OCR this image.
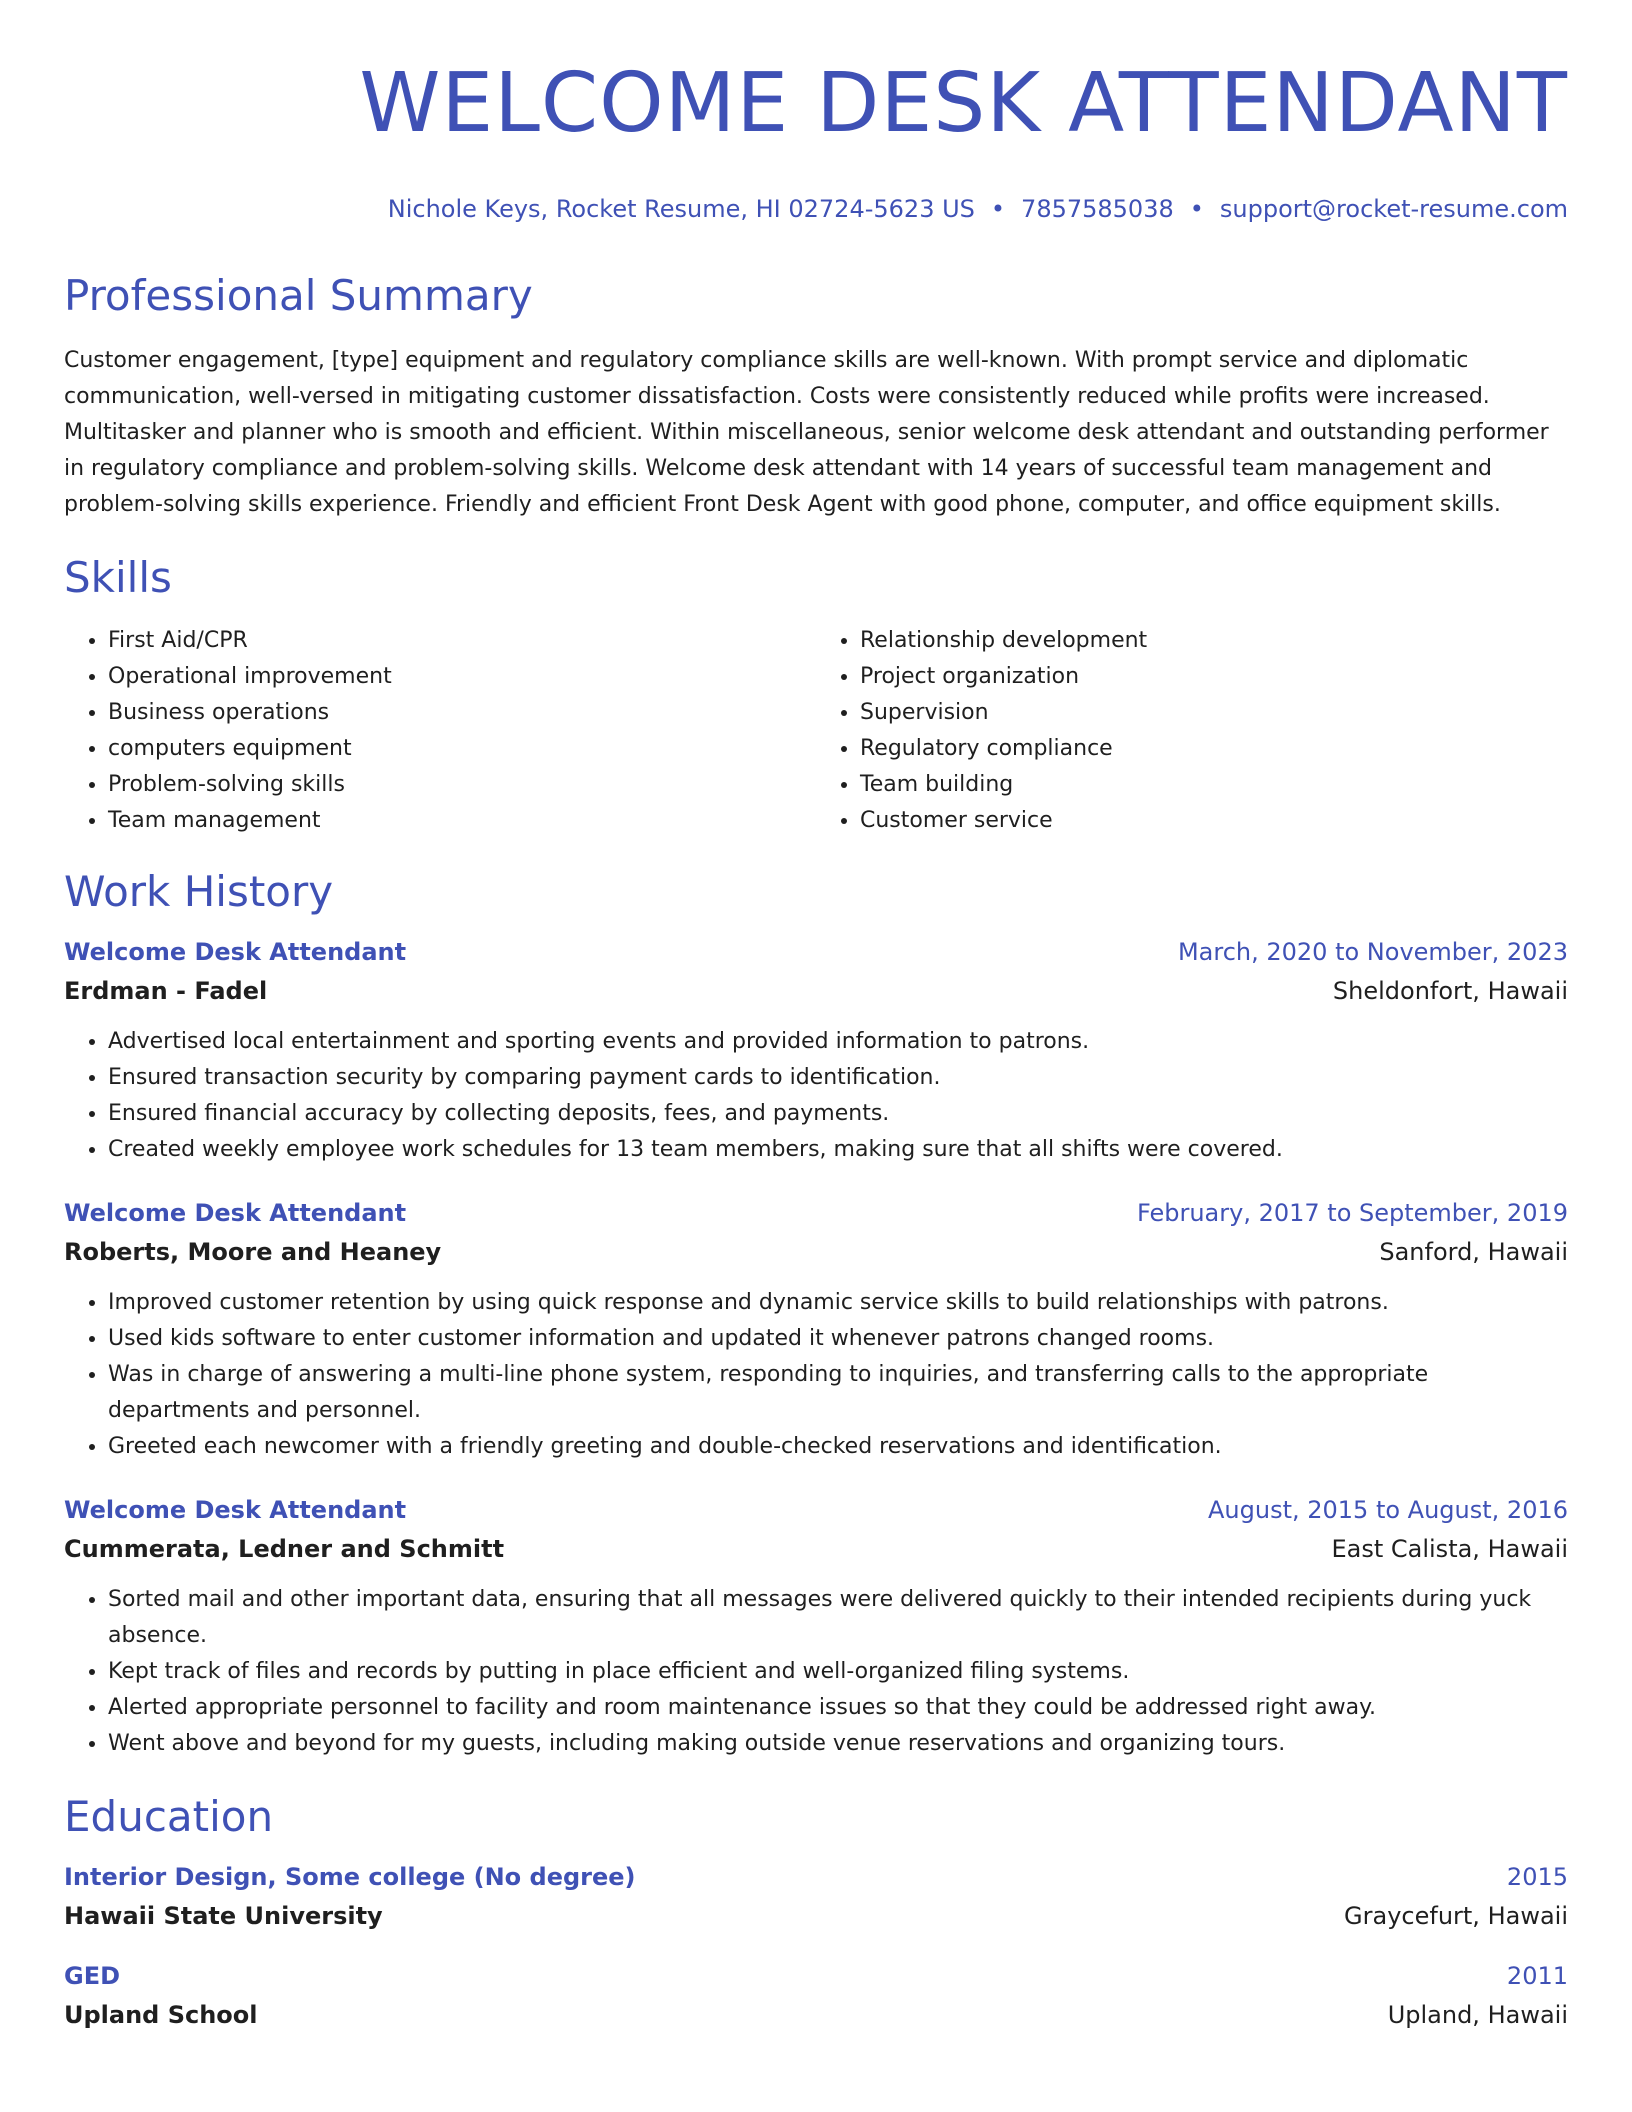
WELCOME DESK ATTENDANT
Nichole Keys, Rocket Resume, HI 02724-5623 US • 7857585038 • support@rocket-resume.com
Professional Summary
Customer engagement, [type] equipment and regulatory compliance skills are well-known. With prompt service and diplomatic communication, well-versed in mitigating customer dissatisfaction. Costs were consistently reduced while profits were increased. Multitasker and planner who is smooth and efficient. Within miscellaneous, senior welcome desk attendant and outstanding performer in regulatory compliance and problem-solving skills. Welcome desk attendant with 14 years of successful team management and problem-solving skills experience. Friendly and efficient Front Desk Agent with good phone, computer, and office equipment skills.
Skills
• First Aid/CPR
• Operational improvement
• Business operations
• computers equipment
• Problem-solving skills
• Team management
• Relationship development
• Project organization
• Supervision
• Regulatory compliance
• Team building
• Customer service
Work History
Welcome Desk Attendant	March, 2020 to November, 2023
Erdman - Fadel	Sheldonfort, Hawaii
• Advertised local entertainment and sporting events and provided information to patrons.
• Ensured transaction security by comparing payment cards to identification.
• Ensured financial accuracy by collecting deposits, fees, and payments.
• Created weekly employee work schedules for 13 team members, making sure that all shifts were covered.
Welcome Desk Attendant	February, 2017 to September, 2019
Roberts, Moore and Heaney	Sanford, Hawaii
• Improved customer retention by using quick response and dynamic service skills to build relationships with patrons.
• Used kids software to enter customer information and updated it whenever patrons changed rooms.
• Was in charge of answering a multi-line phone system, responding to inquiries, and transferring calls to the appropriate departments and personnel.
• Greeted each newcomer with a friendly greeting and double-checked reservations and identification.
Welcome Desk Attendant	August, 2015 to August, 2016
Cummerata, Ledner and Schmitt	East Calista, Hawaii
• Sorted mail and other important data, ensuring that all messages were delivered quickly to their intended recipients during yuck absence.
• Kept track of files and records by putting in place efficient and well-organized filing systems.
• Alerted appropriate personnel to facility and room maintenance issues so that they could be addressed right away.
• Went above and beyond for my guests, including making outside venue reservations and organizing tours.
Education
Interior Design, Some college (No degree)	2015
Hawaii State University	Graycefurt, Hawaii
GED	2011
Upland School	Upland, Hawaii
